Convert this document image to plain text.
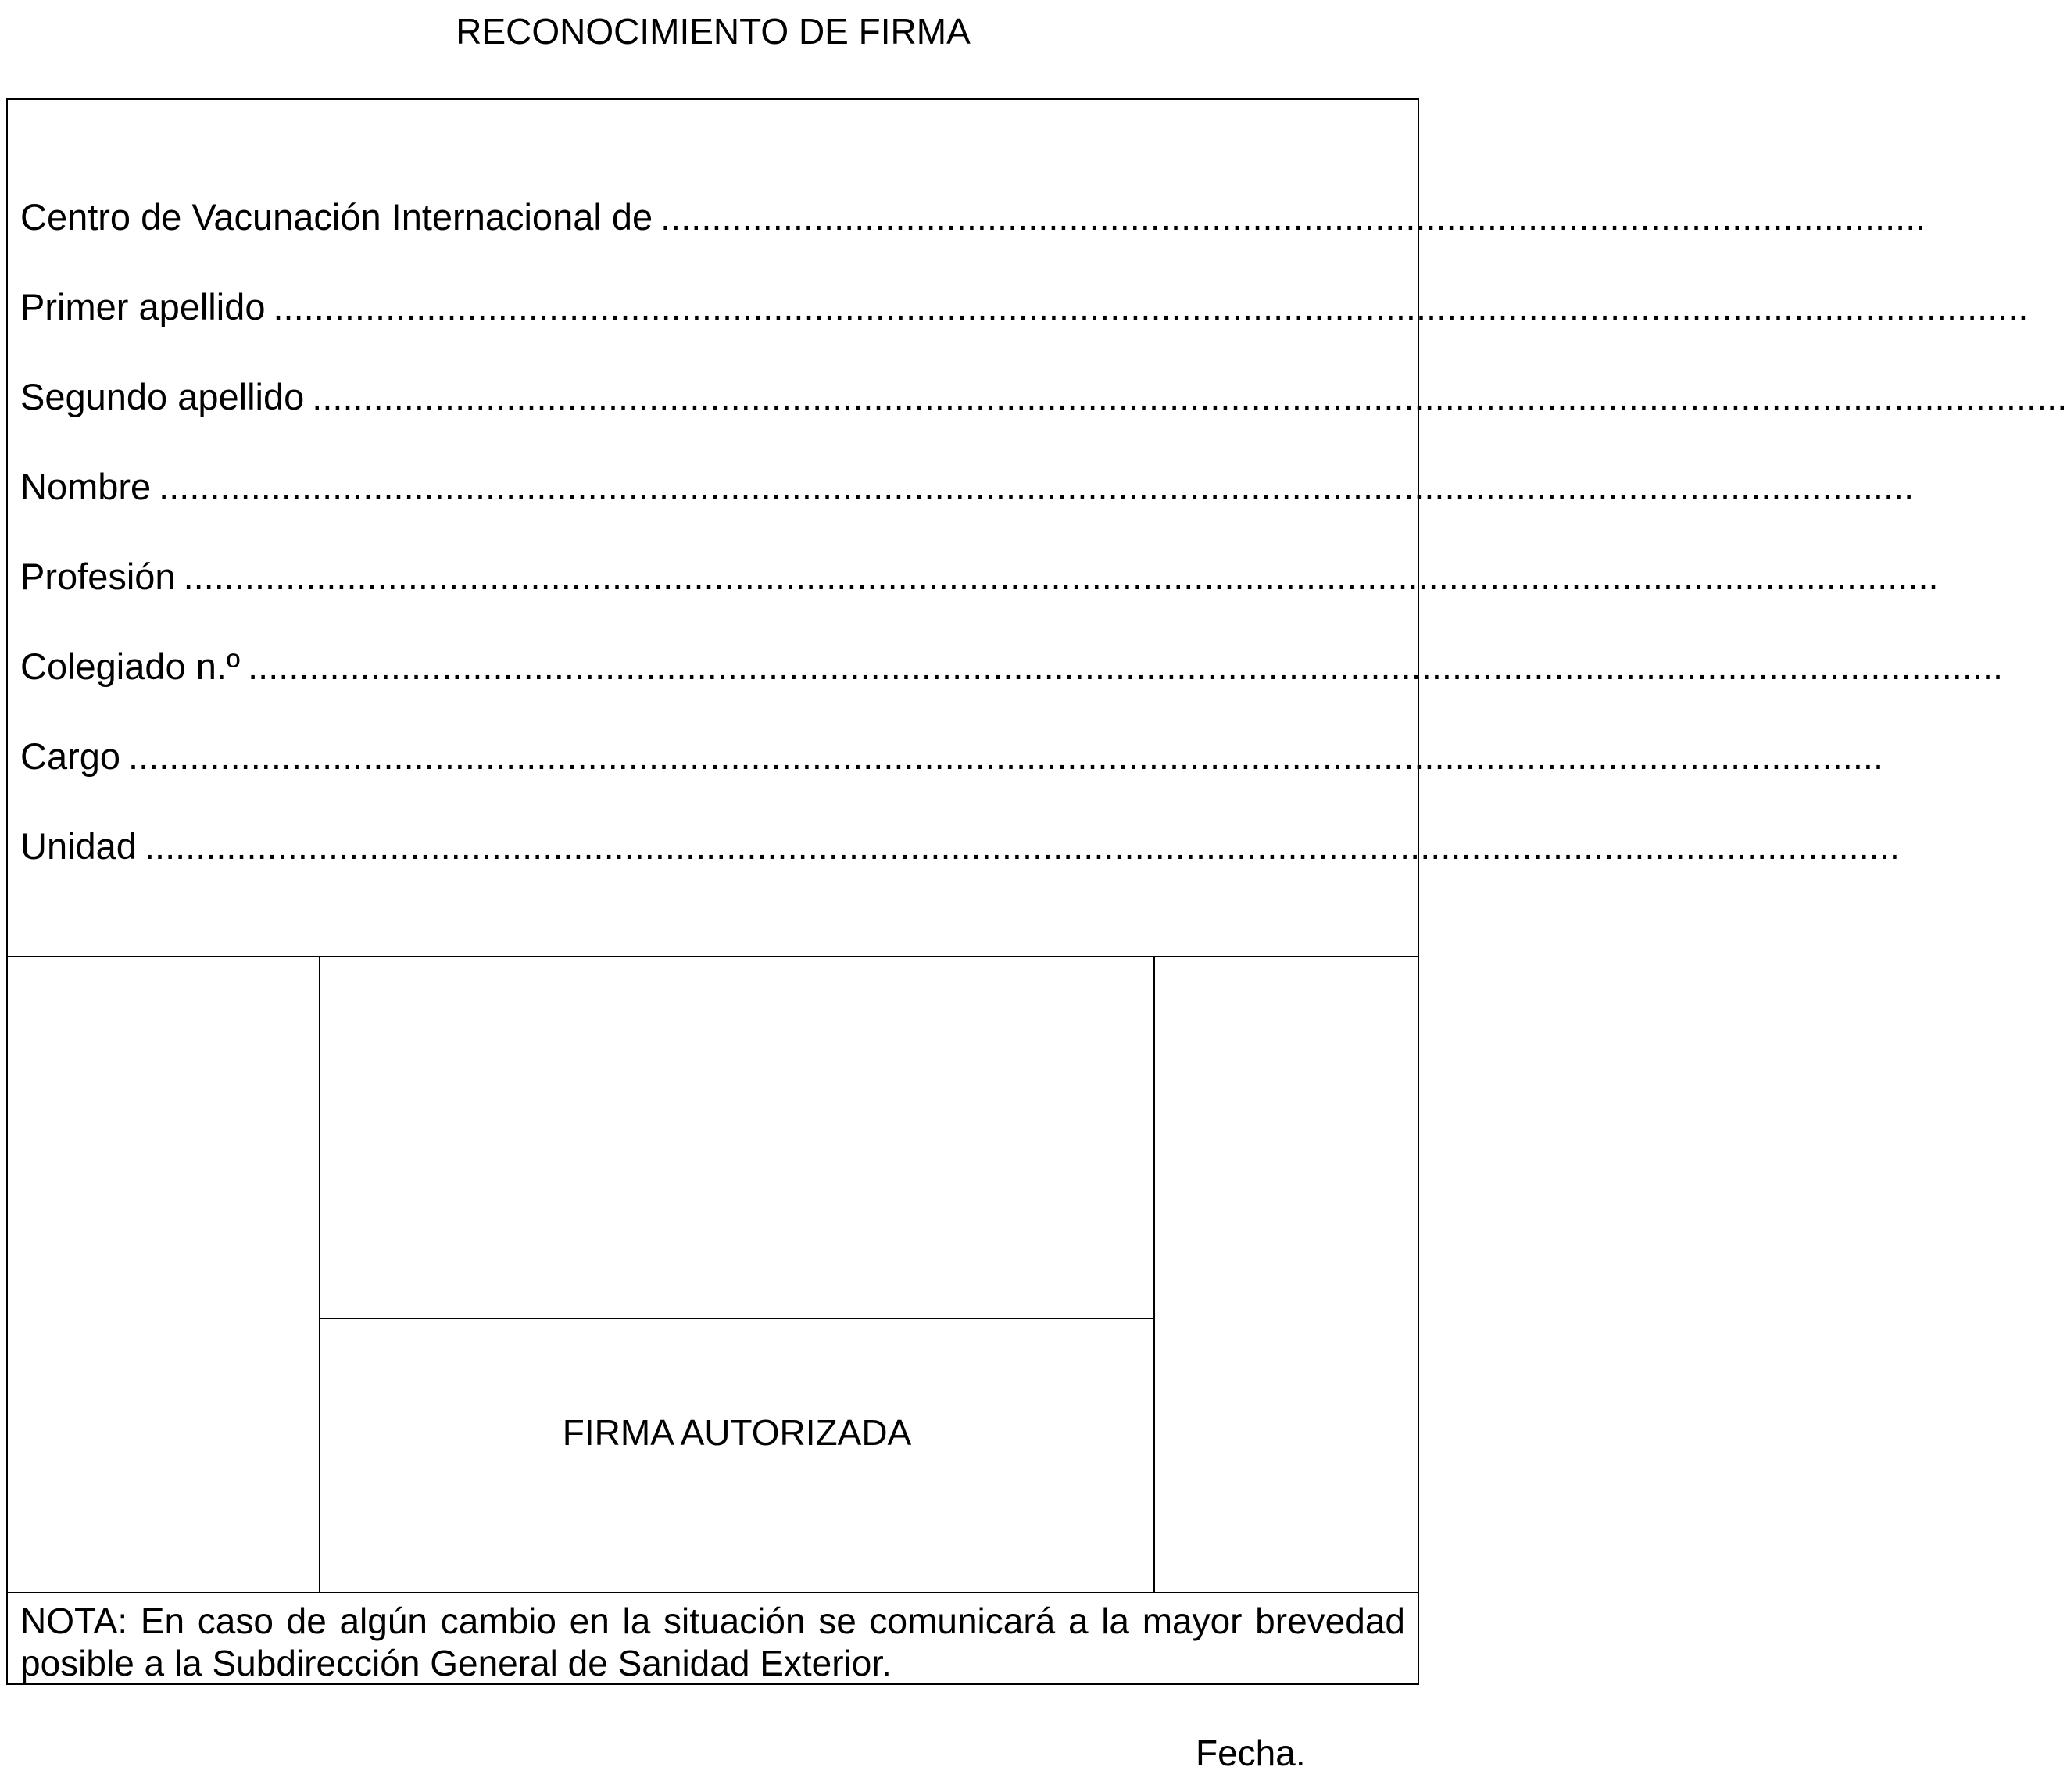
RECONOCIMIENTO DE FIRMA
Centro de Vacunación Internacional de ............................................................................................................................
Primer apellido ............................................................................................................................................................................
Segundo apellido ............................................................................................................................................................................
Nombre ............................................................................................................................................................................
Profesión ............................................................................................................................................................................
Colegiado n.º ............................................................................................................................................................................
Cargo ............................................................................................................................................................................
Unidad ............................................................................................................................................................................
FIRMA AUTORIZADA
NOTA: En caso de algún cambio en la situación se comunicará a la mayor brevedad posible a la Subdirección General de Sanidad Exterior.
Fecha.
